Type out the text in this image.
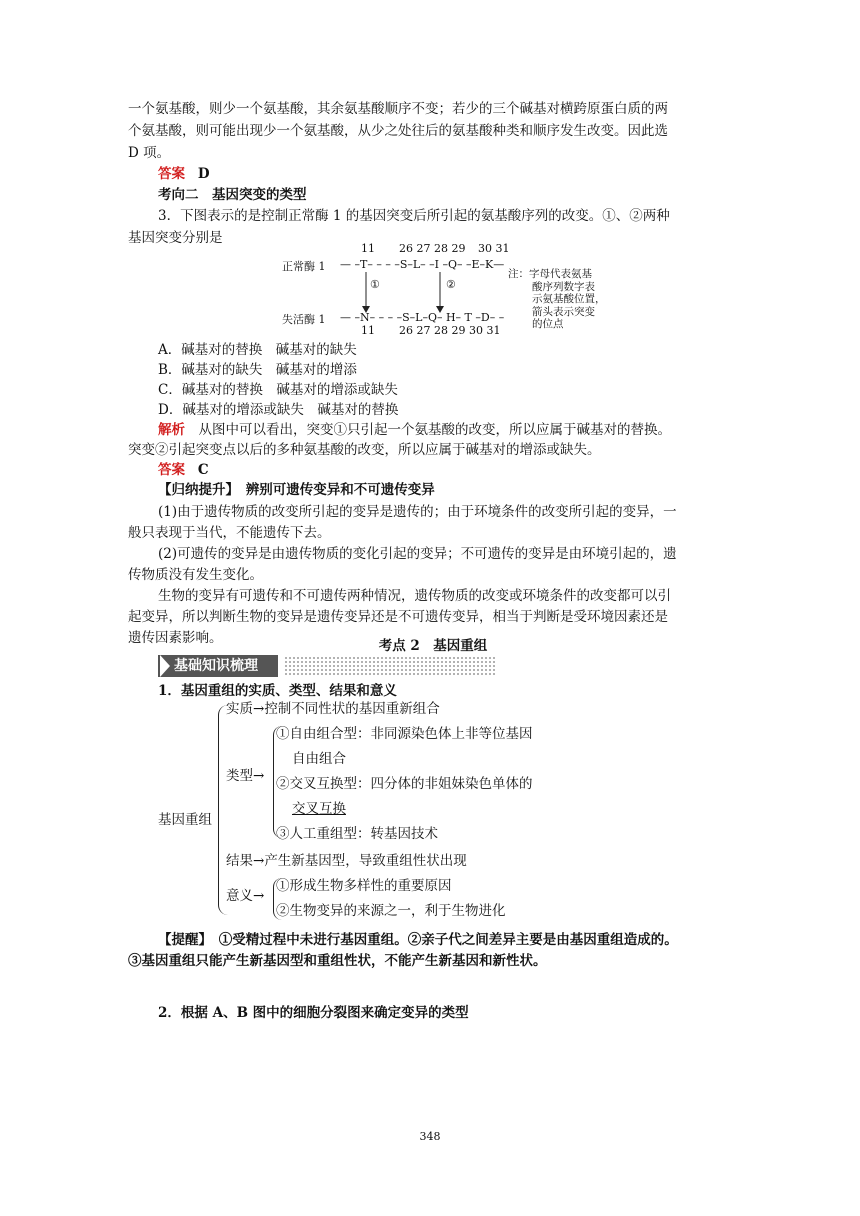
一个氨基酸，则少一个氨基酸，其余氨基酸顺序不变；若少的三个碱基对横跨原蛋白质的两
个氨基酸，则可能出现少一个氨基酸，从少之处往后的氨基酸种类和顺序发生改变。因此选
D 项。
答案 D
考向二　基因突变的类型
3．下图表示的是控制正常酶 1 的基因突变后所引起的氨基酸序列的改变。①、②两种
基因突变分别是
11 26 27 28 29 30 31
正常酶 1 — –T– – – –S–L– –I –Q– –E–K—
①	②
失活酶 1 — –N– – – –S–L–Q– H– T –D– –
11 26 27 28 29 30 31
注：字母代表氨基
酸序列数字表
示氨基酸位置，
箭头表示突变
的位点
A．碱基对的替换　碱基对的缺失
B．碱基对的缺失　碱基对的增添
C．碱基对的替换　碱基对的增添或缺失
D．碱基对的增添或缺失　碱基对的替换
解析　从图中可以看出，突变①只引起一个氨基酸的改变，所以应属于碱基对的替换。
突变②引起突变点以后的多种氨基酸的改变，所以应属于碱基对的增添或缺失。
答案 C
【归纳提升】　辨别可遗传变异和不可遗传变异
(1)由于遗传物质的改变所引起的变异是遗传的；由于环境条件的改变所引起的变异，一
般只表现于当代，不能遗传下去。
(2)可遗传的变异是由遗传物质的变化引起的变异；不可遗传的变异是由环境引起的，遗
传物质没有发生变化。
生物的变异有可遗传和不可遗传两种情况，遗传物质的改变或环境条件的改变都可以引
起变异，所以判断生物的变异是遗传变异还是不可遗传变异，相当于判断是受环境因素还是
遗传因素影响。	考点 2　基因重组
基础知识梳理
1．基因重组的实质、类型、结果和意义
基因重组
实质→控制不同性状的基因重新组合
类型→
①自由组合型：非同源染色体上非等位基因
自由组合
②交叉互换型：四分体的非姐妹染色单体的
交叉互换
③人工重组型：转基因技术
结果→产生新基因型，导致重组性状出现
意义→
①形成生物多样性的重要原因
②生物变异的来源之一，利于生物进化
【提醒】　①受精过程中未进行基因重组。②亲子代之间差异主要是由基因重组造成的。
③基因重组只能产生新基因型和重组性状，不能产生新基因和新性状。
2．根据 A、B 图中的细胞分裂图来确定变异的类型
348
